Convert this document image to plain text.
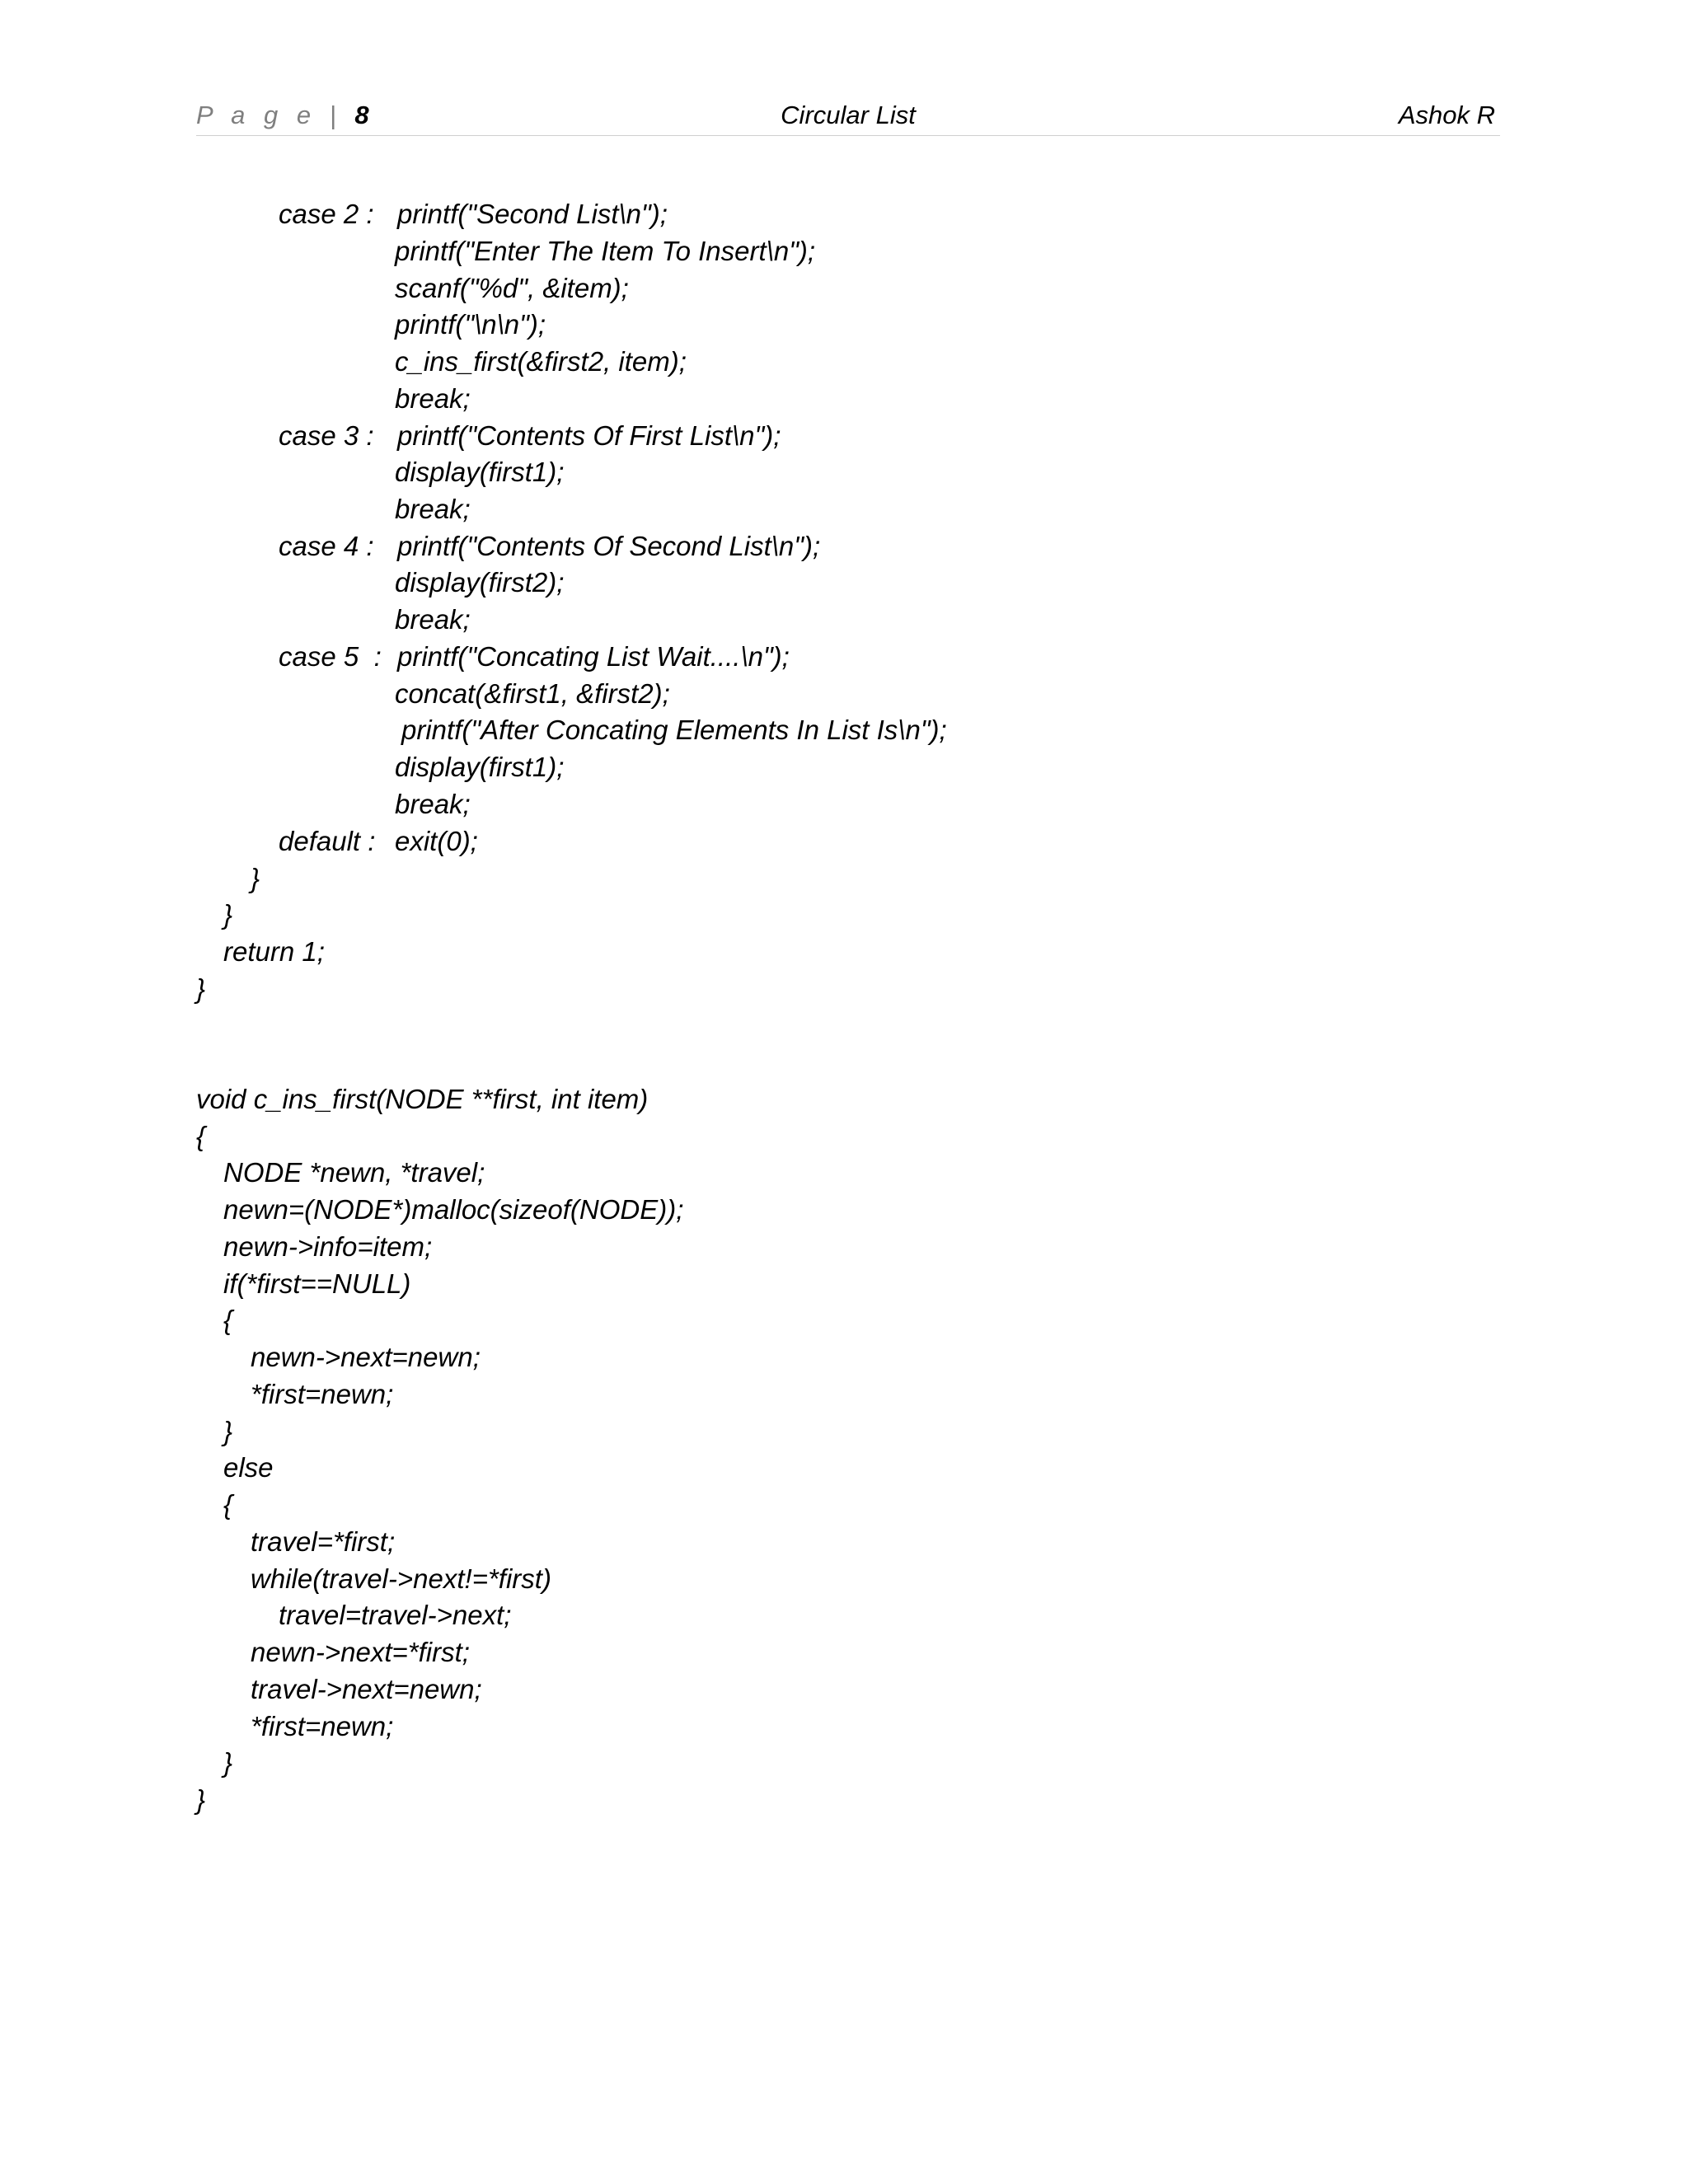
P a g e | 8	Circular List	Ashok R
case 2 : printf("Second List\n");
printf("Enter The Item To Insert\n");
scanf("%d", &item);
printf("\n\n");
c_ins_first(&first2, item);
break;
case 3 : printf("Contents Of First List\n");
display(first1);
break;
case 4 : printf("Contents Of Second List\n");
display(first2);
break;
case 5  : printf("Concating List Wait....\n");
concat(&first1, &first2);
printf("After Concating Elements In List Is\n");
display(first1);
break;
default : exit(0);
}
}
return 1;
}
void c_ins_first(NODE **first, int item)
{
NODE *newn, *travel;
newn=(NODE*)malloc(sizeof(NODE));
newn->info=item;
if(*first==NULL)
{
newn->next=newn;
*first=newn;
}
else
{
travel=*first;
while(travel->next!=*first)
travel=travel->next;
newn->next=*first;
travel->next=newn;
*first=newn;
}
}
